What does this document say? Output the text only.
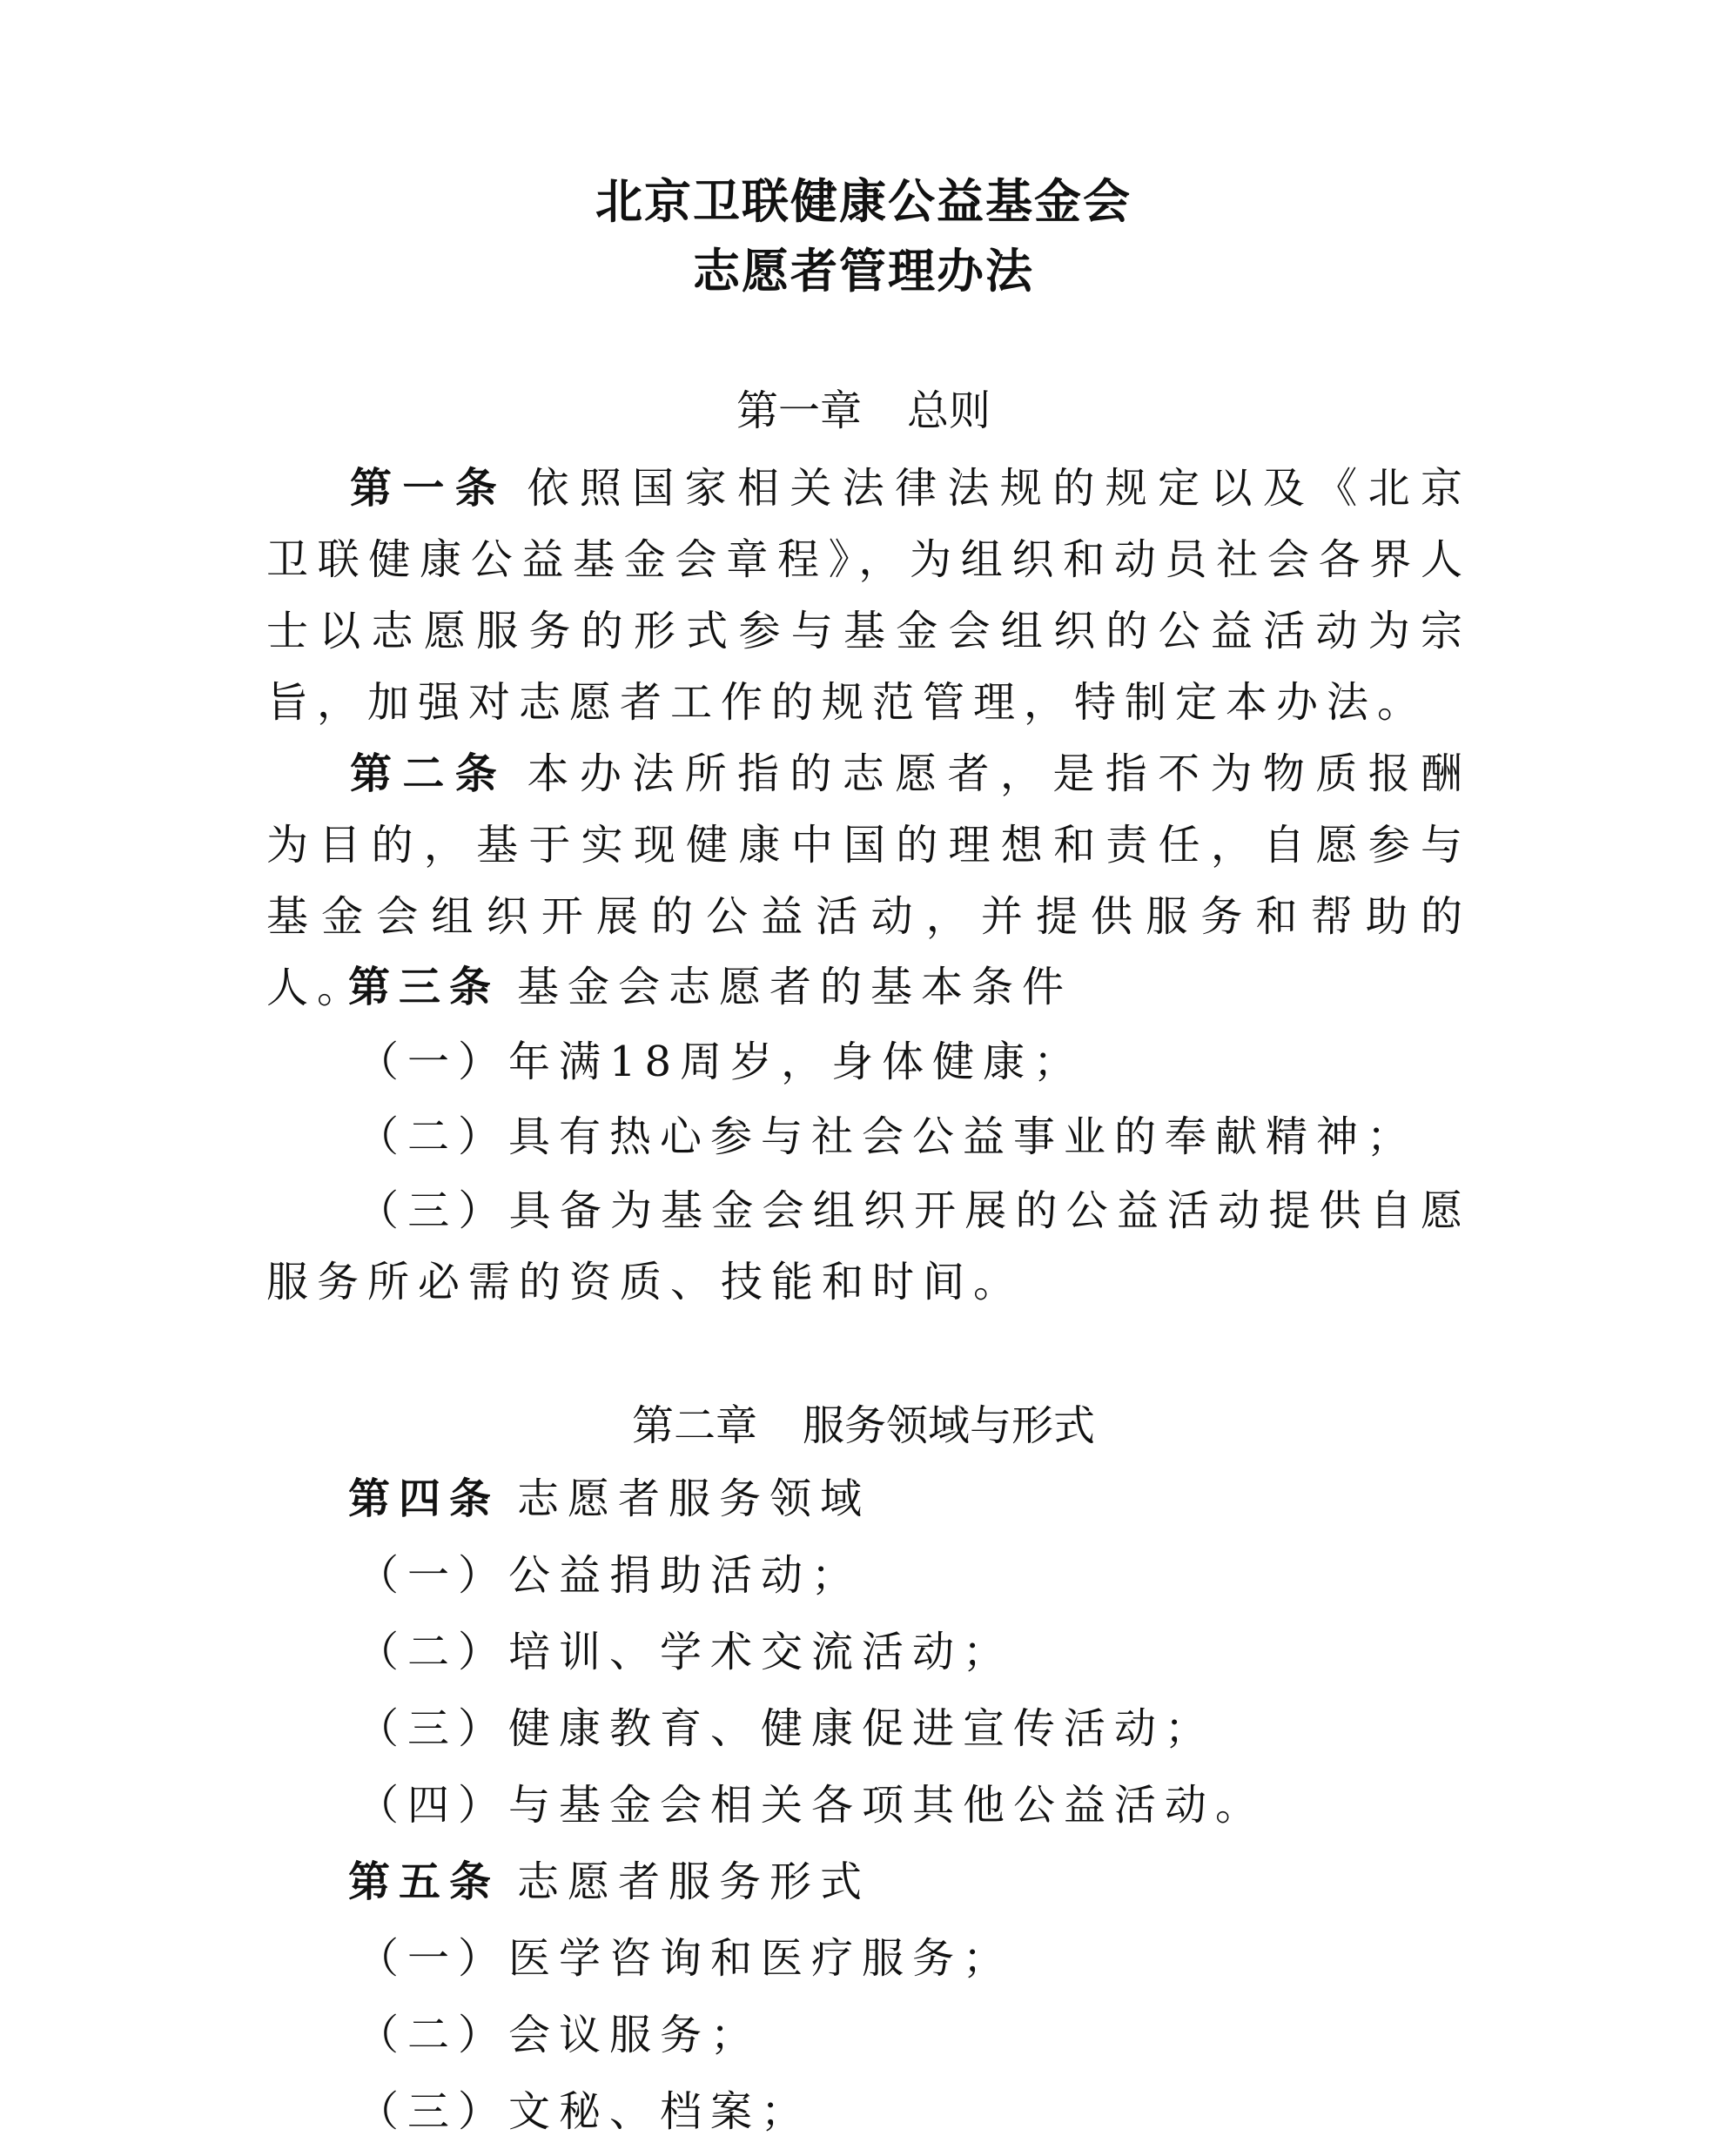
北京卫联健康公益基金会
志愿者管理办法
第一章 总则

第一条 依照国家相关法律法规的规定以及《北京卫联健康公益基金会章程》，为组织和动员社会各界人士以志愿服务的形式参与基金会组织的公益活动为宗旨，加强对志愿者工作的规范管理，特制定本办法。

第二条 本办法所指的志愿者，是指不为物质报酬为目的，基于实现健康中国的理想和责任，自愿参与基金会组织开展的公益活动，并提供服务和帮助的人。

第三条 基金会志愿者的基本条件
（一）年满18周岁，身体健康；
（二）具有热心参与社会公益事业的奉献精神；

（三）具备为基金会组织开展的公益活动提供自愿服务所必需的资质、技能和时间。

第二章 服务领域与形式
第四条 志愿者服务领域
（一）公益捐助活动；
（二）培训、学术交流活动；
（三）健康教育、健康促进宣传活动；
（四）与基金会相关各项其他公益活动。
第五条 志愿者服务形式
（一）医学咨询和医疗服务；
（二）会议服务；
（三）文秘、档案；
